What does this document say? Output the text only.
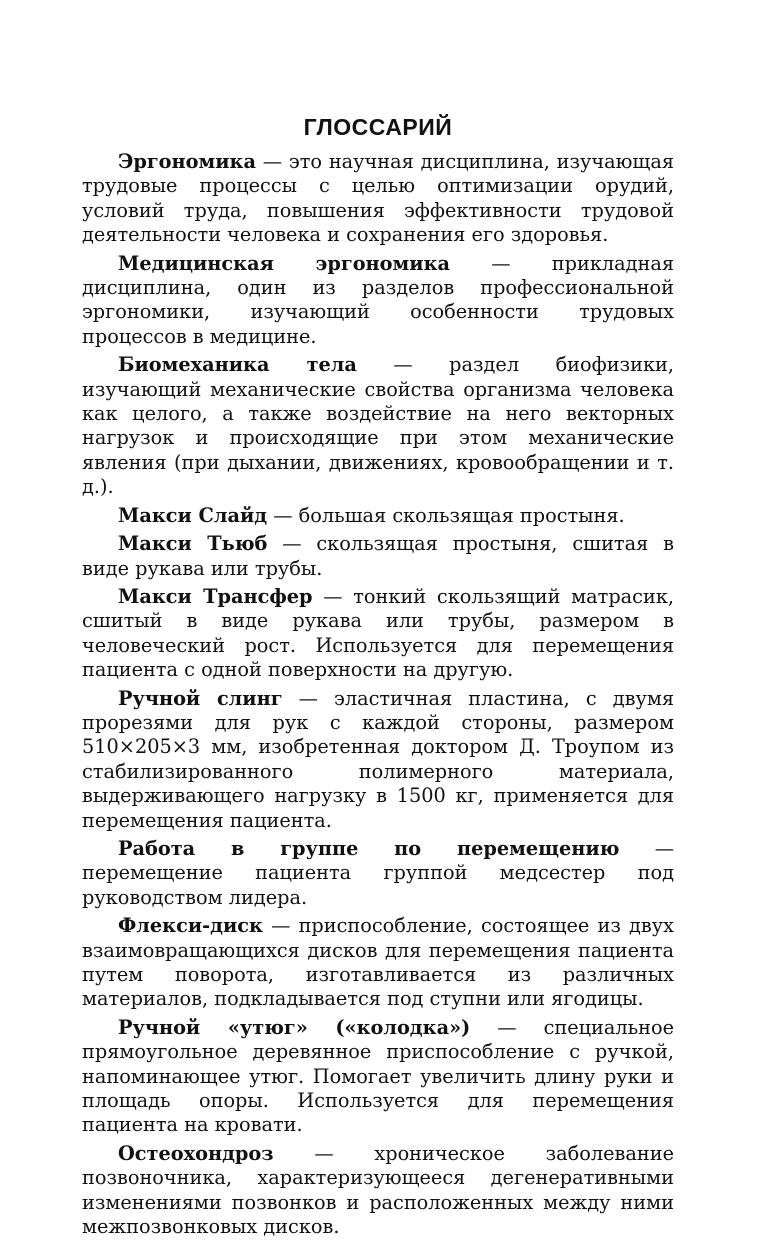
ГЛОССАРИЙ

Эргономика — это научная дисциплина, изучающая трудовые процессы с целью оптимизации орудий, условий труда, повышения эффективности трудовой деятельности человека и сохранения его здоровья.

Медицинская эргономика — прикладная дисциплина, один из разделов профессиональной эргономики, изучающий особенности трудовых процессов в медицине.

Биомеханика тела — раздел биофизики, изучающий механические свойства организма человека как целого, а также воздействие на него векторных нагрузок и происходящие при этом механические явления (при дыхании, движениях, кровообращении и т. д.).

Макси Слайд — большая скользящая простыня.

Макси Тьюб — скользящая простыня, сшитая в виде рукава или трубы.

Макси Трансфер — тонкий скользящий матрасик, сшитый в виде рукава или трубы, размером в человеческий рост. Используется для перемещения пациента с одной поверхности на другую.

Ручной слинг — эластичная пластина, с двумя прорезями для рук с каждой стороны, размером 510×205×3 мм, изобретенная доктором Д. Троупом из стабилизированного полимерного материала, выдерживающего нагрузку в 1500 кг, применяется для перемещения пациента.

Работа в группе по перемещению — перемещение пациента группой медсестер под руководством лидера.

Флекси-диск — приспособление, состоящее из двух взаимовращающихся дисков для перемещения пациента путем поворота, изготавливается из различных материалов, подкладывается под ступни или ягодицы.

Ручной «утюг» («колодка») — специальное прямоугольное деревянное приспособление с ручкой, напоминающее утюг. Помогает увеличить длину руки и площадь опоры. Используется для перемещения пациента на кровати.

Остеохондроз — хроническое заболевание позвоночника, характеризующееся дегенеративными изменениями позвонков и расположенных между ними межпозвонковых дисков.
